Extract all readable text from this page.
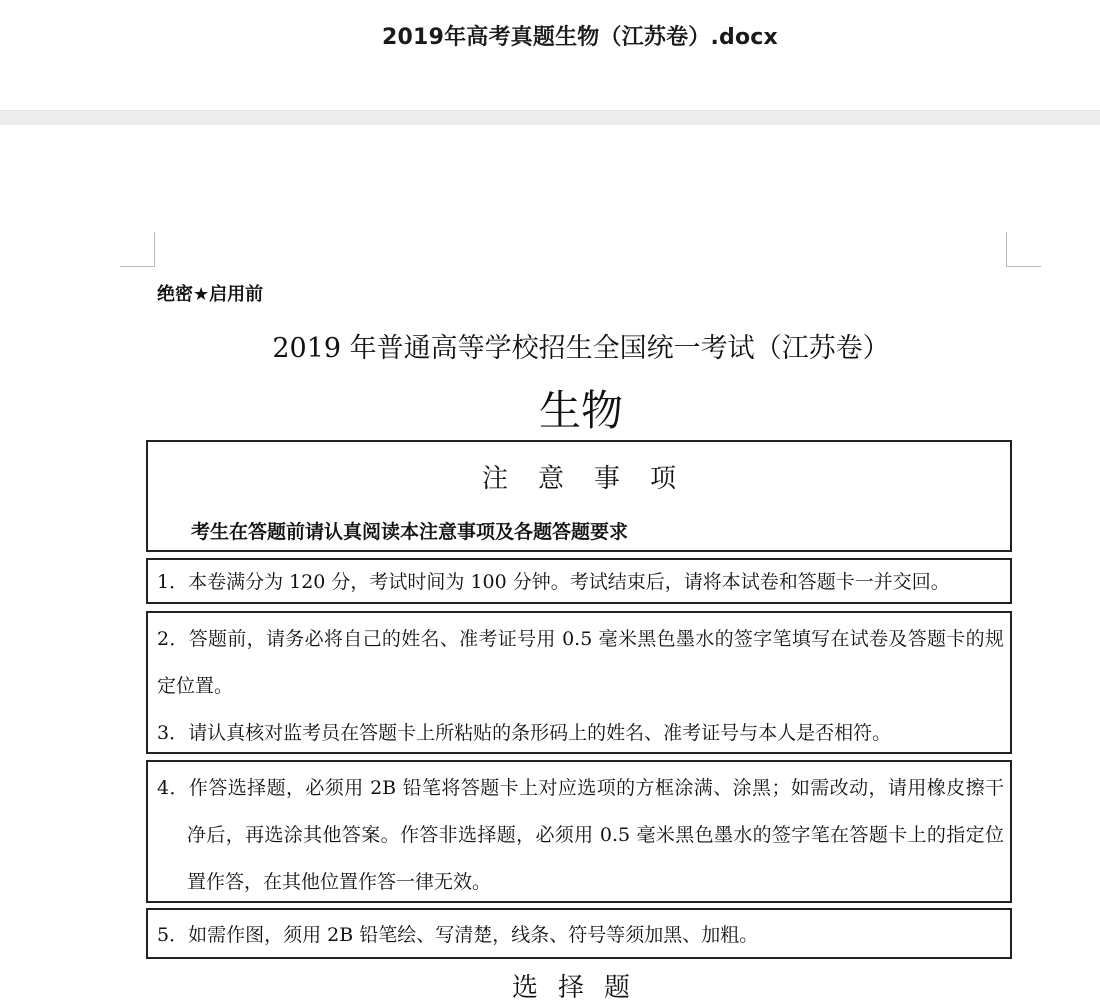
2019年高考真题生物（江苏卷）.docx
绝密★启用前
2019 年普通高等学校招生全国统一考试（江苏卷）
生物
注意事项
考生在答题前请认真阅读本注意事项及各题答题要求
1．本卷满分为 120 分，考试时间为 100 分钟。考试结束后，请将本试卷和答题卡一并交回。
2．答题前，请务必将自己的姓名、准考证号用 0.5 毫米黑色墨水的签字笔填写在试卷及答题卡的规定位置。
3．请认真核对监考员在答题卡上所粘贴的条形码上的姓名、准考证号与本人是否相符。
4．作答选择题，必须用 2B 铅笔将答题卡上对应选项的方框涂满、涂黑；如需改动，请用橡皮擦干净后，再选涂其他答案。作答非选择题，必须用 0.5 毫米黑色墨水的签字笔在答题卡上的指定位置作答，在其他位置作答一律无效。
5．如需作图，须用 2B 铅笔绘、写清楚，线条、符号等须加黑、加粗。
选择题
